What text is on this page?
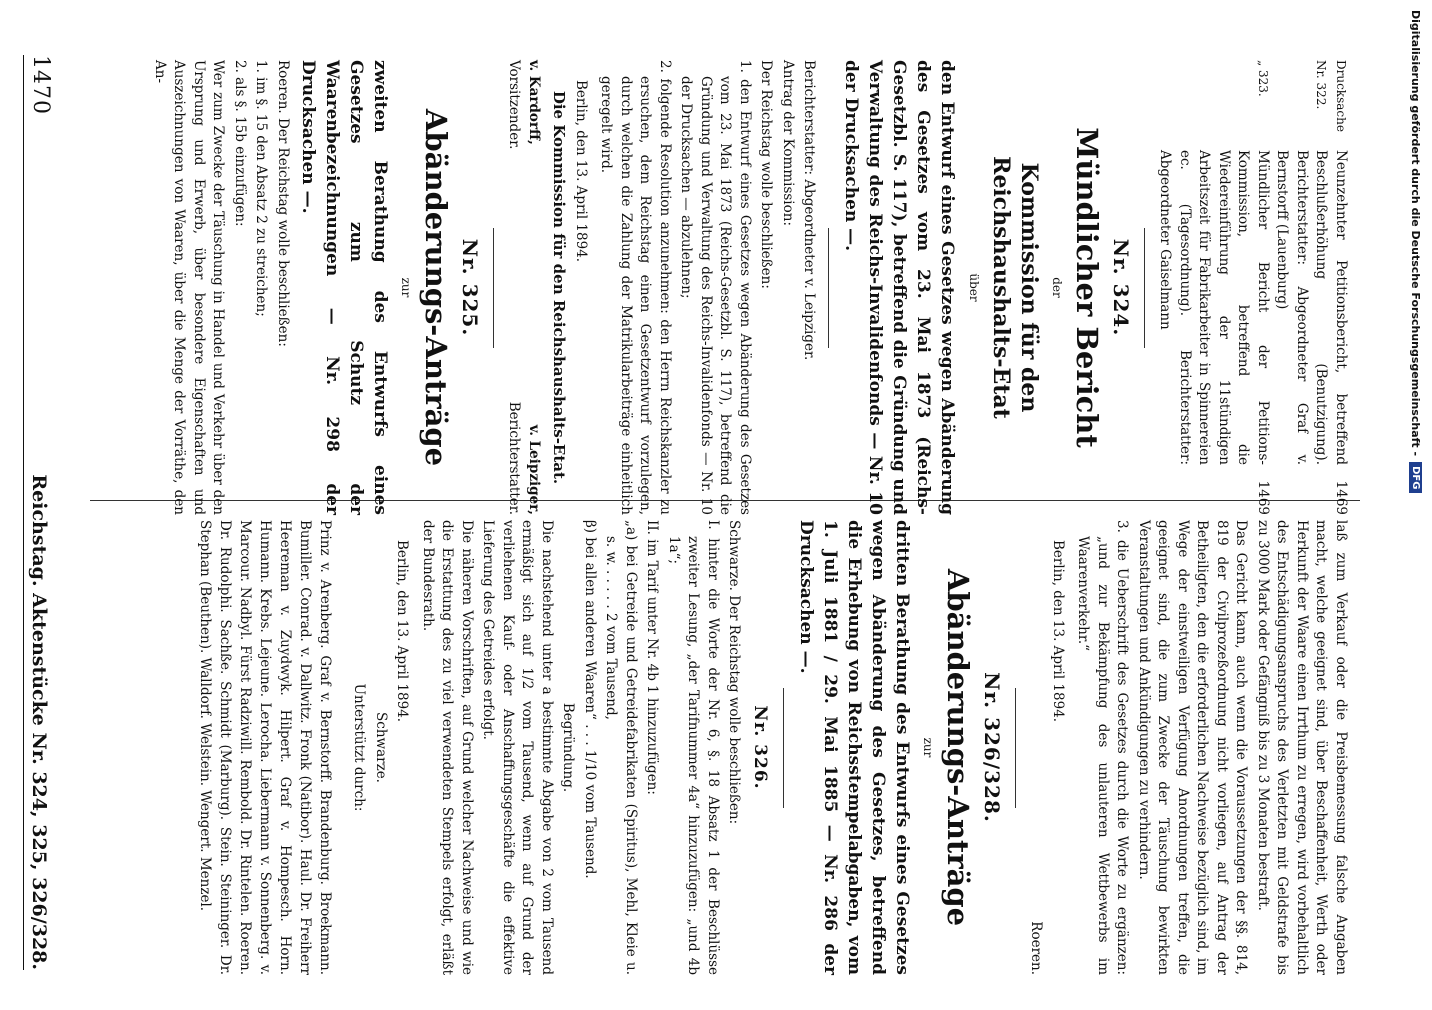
1470
Reichstag. Aktenstücke Nr. 324, 325, 326/328.
Drucksache Nr. 322.
Neunzehnter Petitionsbericht, betreffend Beschlußerhöhung (Benutzigung). Berichterstatter: Abgeordneter Graf v. Bernstorff (Lauenburg)
1469
„ 323.
Mündlicher Bericht der Petitions-Kommission, betreffend die Wiedereinführung der 11stündigen Arbeitszeit für Fabrikarbeiter in Spinnereien ec. (Tagesordnung). Berichterstatter: Abgeordneter Gaiselmann
1469
Nr. 324.
Mündlicher Bericht
der
Kommission für den Reichshaushalts-Etat
über

den Entwurf eines Gesetzes wegen Abänderung des Gesetzes vom 23. Mai 1873 (Reichs-Gesetzbl. S. 117), betreffend die Gründung und Verwaltung des Reichs-Invalidenfonds — Nr. 10 der Drucksachen —.

Berichterstatter: Abgeordneter v. Leipziger.

Antrag der Kommission:

Der Reichstag wolle beschließen:

1. den Entwurf eines Gesetzes wegen Abänderung des Gesetzes vom 23. Mai 1873 (Reichs-Gesetzbl. S. 117), betreffend die Gründung und Verwaltung des Reichs-Invalidenfonds — Nr. 10 der Drucksachen — abzulehnen;

2. folgende Resolution anzunehmen: den Herrn Reichskanzler zu ersuchen, dem Reichstag einen Gesetzentwurf vorzulegen, durch welchen die Zahlung der Matrikularbeiträge einheitlich geregelt wird.

Berlin, den 13. April 1894.

Die Kommission für den Reichshaushalts-Etat.

v. Kardorff,

Vorsitzender.
v. Leipziger,

Berichterstatter.
Nr. 325.
Abänderungs-Anträge
zur

zweiten Berathung des Entwurfs eines Gesetzes zum Schutz der Waarenbezeichnungen — Nr. 298 der Drucksachen —.

Roeren. Der Reichstag wolle beschließen:

1. im §. 15 den Absatz 2 zu streichen;

2. als §. 15b einzufügen:

Wer zum Zwecke der Täuschung in Handel und Verkehr über den Ursprung und Erwerb, über besondere Eigenschaften und Auszeichnungen von Waaren, über die Menge der Vorräthe, den An-

laß zum Verkauf oder die Preisbemessung falsche Angaben macht, welche geeignet sind, über Beschaffenheit, Werth oder Herkunft der Waare einen Irrthum zu erregen, wird vorbehaltlich des Entschädigungsanspruchs des Verletzten mit Geldstrafe bis zu 3000 Mark oder Gefängniß bis zu 3 Monaten bestraft.

Das Gericht kann, auch wenn die Voraussetzungen der §§. 814, 819 der Civilprozeßordnung nicht vorliegen, auf Antrag der Betheiligten, den die erforderlichen Nachweise bezüglich sind, im Wege der einstweiligen Verfügung Anordnungen treffen, die geeignet sind, die zum Zwecke der Täuschung bewirkten Veranstaltungen und Ankündigungen zu verhindern.

3. die Ueberschrift des Gesetzes durch die Worte zu ergänzen: „und zur Bekämpfung des unlauteren Wettbewerbs im Waarenverkehr.“

Berlin, den 13. April 1894.

Roeren.

Nr. 326/328.
Abänderungs-Anträge
zur

dritten Berathung des Entwurfs eines Gesetzes wegen Abänderung des Gesetzes, betreffend die Erhebung von Reichsstempelabgaben, vom 1. Juli 1881 / 29. Mai 1885 — Nr. 286 der Drucksachen —.

Nr. 326.

Schwarze. Der Reichstag wolle beschließen:

I. hinter die Worte der Nr. 6, §. 18 Absatz 1 der Beschlüsse zweiter Lesung, „der Tarifnummer 4a“ hinzuzufügen: „und 4b 1a“;

II. im Tarif unter Nr. 4b 1 hinzuzufügen:

„a) bei Getreide und Getreidefabrikaten (Spiritus), Mehl, Kleie u. s. w. . . . . . 2 vom Tausend,

β) bei allen anderen Waaren“ . . . 1/10 vom Tausend.

Begründung.

Die nachstehend unter a bestimmte Abgabe von 2 vom Tausend ermäßigt sich auf 1/2 vom Tausend, wenn auf Grund der verliehenen Kauf- oder Anschaffungsgeschäfte die effektive Lieferung des Getreides erfolgt.

Die näheren Vorschriften, auf Grund welcher Nachweise und wie die Erstattung des zu viel verwendeten Stempels erfolgt, erläßt der Bundesrath.

Berlin, den 13. April 1894.

Schwarze.

Unterstützt durch:

Prinz v. Arenberg. Graf v. Bernstorff. Brandenburg. Broekmann. Bumiller. Conrad. v. Dallwitz. Fronk (Natibor). Haul. Dr. Freiherr Heereman v. Zuydwyk. Hilpert. Graf v. Hompesch. Horn. Humann. Krebs. Lejeune. Lerocha. Liebermann v. Sonnenberg. v. Marcour. Nadbyl. Fürst Radziwill. Rembold. Dr. Rintelen. Roeren. Dr. Rudolphi. Sachße. Schmidt (Marburg). Stein. Steininger. Dr. Stephan (Beuthen). Walldorf. Welstein. Wengert. Menzel.

Digitalisierung gefördert durch die Deutsche Forschungsgemeinschaft -
DFG
